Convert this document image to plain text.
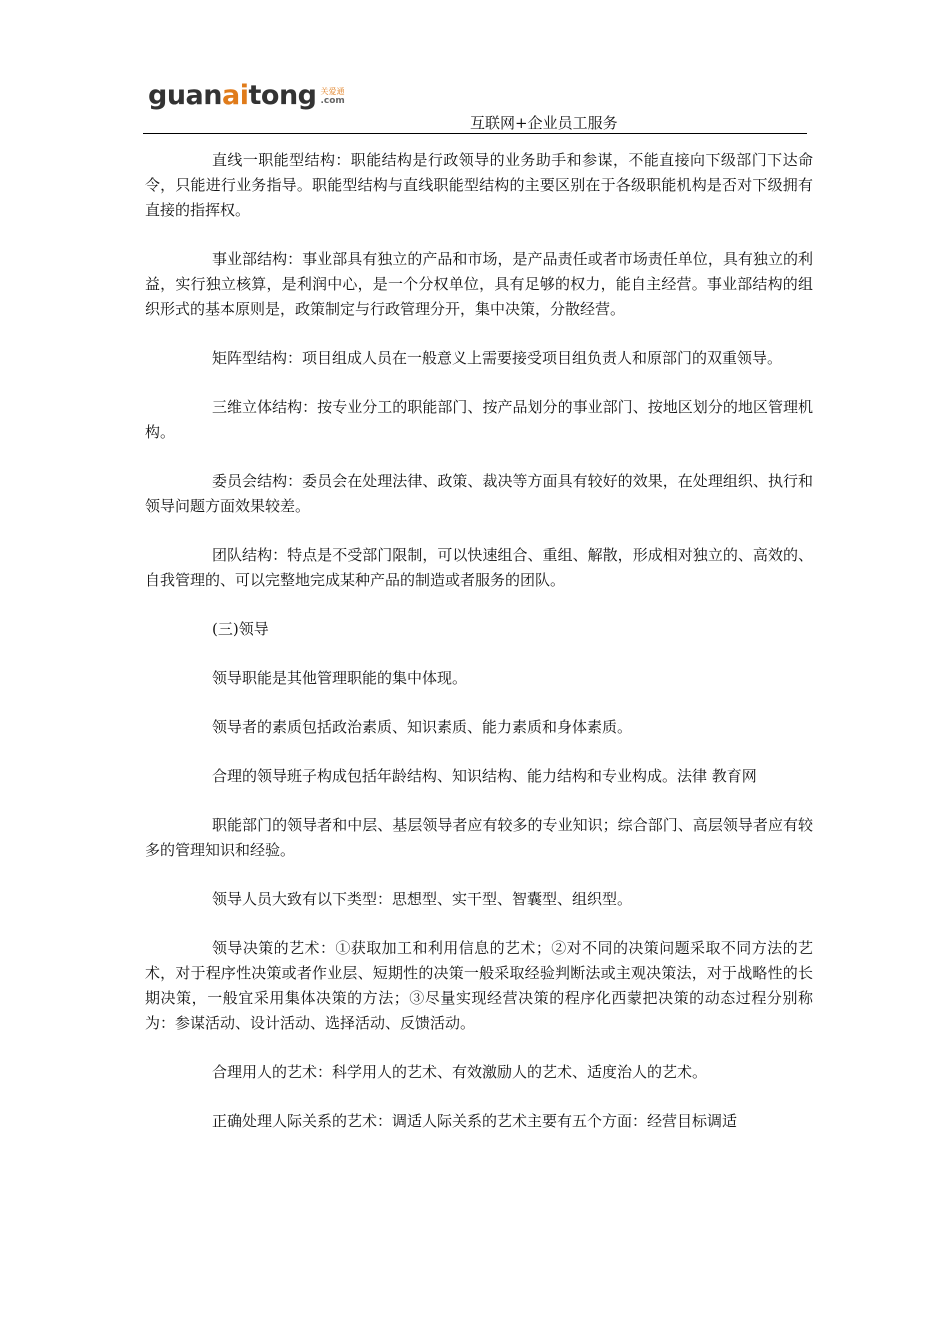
guanaitong 关爱通
.com
互联网+企业员工服务

直线一职能型结构：职能结构是行政领导的业务助手和参谋，不能直接向下级部门下达命令，只能进行业务指导。职能型结构与直线职能型结构的主要区别在于各级职能机构是否对下级拥有直接的指挥权。

事业部结构：事业部具有独立的产品和市场，是产品责任或者市场责任单位，具有独立的利益，实行独立核算，是利润中心，是一个分权单位，具有足够的权力，能自主经营。事业部结构的组织形式的基本原则是，政策制定与行政管理分开，集中决策，分散经营。

矩阵型结构：项目组成人员在一般意义上需要接受项目组负责人和原部门的双重领导。

三维立体结构：按专业分工的职能部门、按产品划分的事业部门、按地区划分的地区管理机构。

委员会结构：委员会在处理法律、政策、裁决等方面具有较好的效果，在处理组织、执行和领导问题方面效果较差。

团队结构：特点是不受部门限制，可以快速组合、重组、解散，形成相对独立的、高效的、自我管理的、可以完整地完成某种产品的制造或者服务的团队。

(三)领导

领导职能是其他管理职能的集中体现。

领导者的素质包括政治素质、知识素质、能力素质和身体素质。

合理的领导班子构成包括年龄结构、知识结构、能力结构和专业构成。法律 教育网

职能部门的领导者和中层、基层领导者应有较多的专业知识；综合部门、高层领导者应有较多的管理知识和经验。

领导人员大致有以下类型：思想型、实干型、智囊型、组织型。

领导决策的艺术：①获取加工和利用信息的艺术；②对不同的决策问题采取不同方法的艺术，对于程序性决策或者作业层、短期性的决策一般采取经验判断法或主观决策法，对于战略性的长期决策，一般宜采用集体决策的方法；③尽量实现经营决策的程序化西蒙把决策的动态过程分别称为：参谋活动、设计活动、选择活动、反馈活动。

合理用人的艺术：科学用人的艺术、有效激励人的艺术、适度治人的艺术。

正确处理人际关系的艺术：调适人际关系的艺术主要有五个方面：经营目标调适
